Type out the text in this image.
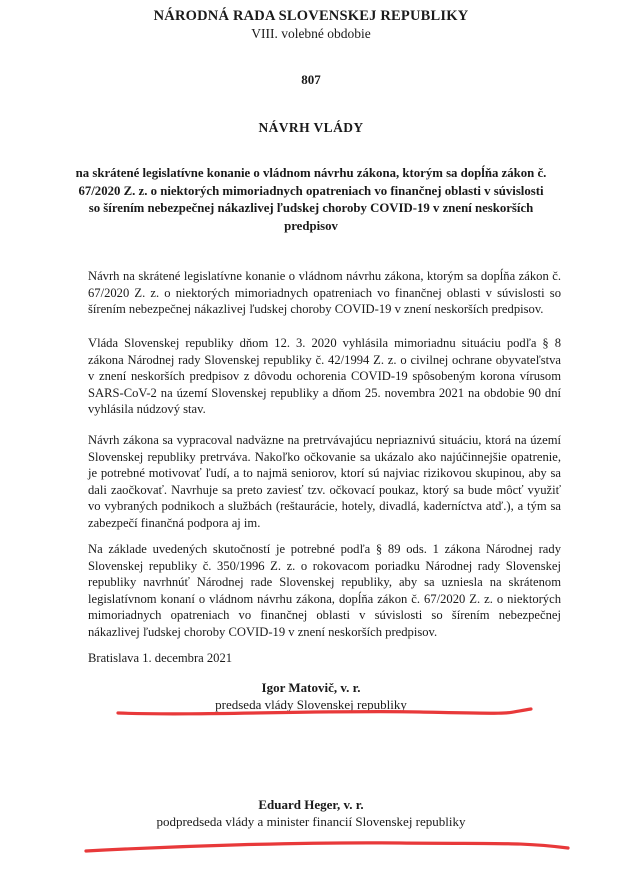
NÁRODNÁ RADA SLOVENSKEJ REPUBLIKY
VIII. volebné obdobie
807
NÁVRH VLÁDY
na skrátené legislatívne konanie o vládnom návrhu zákona, ktorým sa dopĺňa zákon č. 67/2020 Z. z. o niektorých mimoriadnych opatreniach vo finančnej oblasti v súvislosti so šírením nebezpečnej nákazlivej ľudskej choroby COVID-19 v znení neskorších predpisov
Návrh na skrátené legislatívne konanie o vládnom návrhu zákona, ktorým sa dopĺňa zákon č. 67/2020 Z. z. o niektorých mimoriadnych opatreniach vo finančnej oblasti v súvislosti so šírením nebezpečnej nákazlivej ľudskej choroby COVID-19 v znení neskorších predpisov.
Vláda Slovenskej republiky dňom 12. 3. 2020 vyhlásila mimoriadnu situáciu podľa § 8 zákona Národnej rady Slovenskej republiky č. 42/1994 Z. z. o civilnej ochrane obyvateľstva v znení neskorších predpisov z dôvodu ochorenia COVID-19 spôsobeným korona vírusom SARS-CoV-2 na území Slovenskej republiky a dňom 25. novembra 2021 na obdobie 90 dní vyhlásila núdzový stav.
Návrh zákona sa vypracoval nadväzne na pretrvávajúcu nepriaznivú situáciu, ktorá na území Slovenskej republiky pretrváva. Nakoľko očkovanie sa ukázalo ako najúčinnejšie opatrenie, je potrebné motivovať ľudí, a to najmä seniorov, ktorí sú najviac rizikovou skupinou, aby sa dali zaočkovať. Navrhuje sa preto zaviesť tzv. očkovací poukaz, ktorý sa bude môcť využiť vo vybraných podnikoch a službách (reštaurácie, hotely, divadlá, kaderníctva atď.), a tým sa zabezpečí finančná podpora aj im.
Na základe uvedených skutočností je potrebné podľa § 89 ods. 1 zákona Národnej rady Slovenskej republiky č. 350/1996 Z. z. o rokovacom poriadku Národnej rady Slovenskej republiky navrhnúť Národnej rade Slovenskej republiky, aby sa uzniesla na skrátenom legislatívnom konaní o vládnom návrhu zákona, dopĺňa zákon č. 67/2020 Z. z. o niektorých mimoriadnych opatreniach vo finančnej oblasti v súvislosti so šírením nebezpečnej nákazlivej ľudskej choroby COVID-19 v znení neskorších predpisov.
Bratislava 1. decembra 2021
Igor Matovič, v. r.
predseda vlády Slovenskej republiky
Eduard Heger, v. r.
podpredseda vlády a minister financií Slovenskej republiky
